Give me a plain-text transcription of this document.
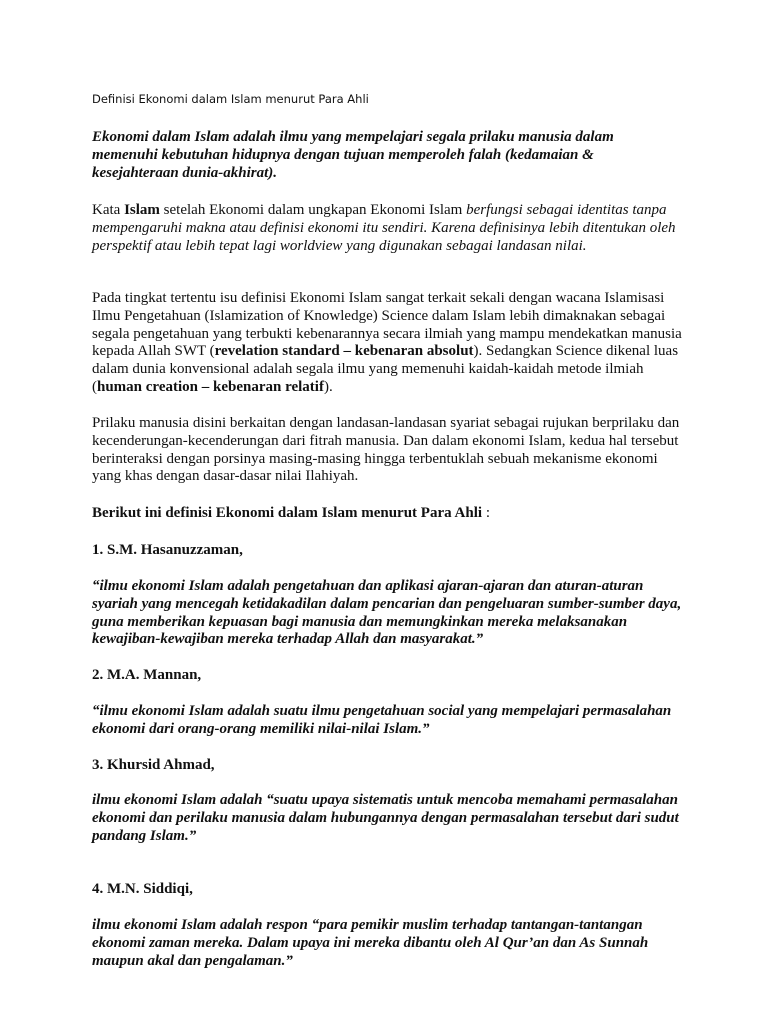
Definisi Ekonomi dalam Islam menurut Para Ahli

Ekonomi dalam Islam adalah ilmu yang mempelajari segala prilaku manusia dalam memenuhi kebutuhan hidupnya dengan tujuan memperoleh falah (kedamaian & kesejahteraan dunia-akhirat).

Kata Islam setelah Ekonomi dalam ungkapan Ekonomi Islam berfungsi sebagai identitas tanpa mempengaruhi makna atau definisi ekonomi itu sendiri. Karena definisinya lebih ditentukan oleh perspektif atau lebih tepat lagi worldview yang digunakan sebagai landasan nilai.

Pada tingkat tertentu isu definisi Ekonomi Islam sangat terkait sekali dengan wacana Islamisasi Ilmu Pengetahuan (Islamization of Knowledge) Science dalam Islam lebih dimaknakan sebagai segala pengetahuan yang terbukti kebenarannya secara ilmiah yang mampu mendekatkan manusia kepada Allah SWT (revelation standard – kebenaran absolut). Sedangkan Science dikenal luas dalam dunia konvensional adalah segala ilmu yang memenuhi kaidah-kaidah metode ilmiah (human creation – kebenaran relatif).

Prilaku manusia disini berkaitan dengan landasan-landasan syariat sebagai rujukan berprilaku dan kecenderungan-kecenderungan dari fitrah manusia. Dan dalam ekonomi Islam, kedua hal tersebut berinteraksi dengan porsinya masing-masing hingga terbentuklah sebuah mekanisme ekonomi yang khas dengan dasar-dasar nilai Ilahiyah.

Berikut ini definisi Ekonomi dalam Islam menurut Para Ahli :

1. S.M. Hasanuzzaman,

“ilmu ekonomi Islam adalah pengetahuan dan aplikasi ajaran-ajaran dan aturan-aturan syariah yang mencegah ketidakadilan dalam pencarian dan pengeluaran sumber-sumber daya, guna memberikan kepuasan bagi manusia dan memungkinkan mereka melaksanakan kewajiban-kewajiban mereka terhadap Allah dan masyarakat.”

2. M.A. Mannan,

“ilmu ekonomi Islam adalah suatu ilmu pengetahuan social yang mempelajari permasalahan ekonomi dari orang-orang memiliki nilai-nilai Islam.”

3. Khursid Ahmad,

ilmu ekonomi Islam adalah “suatu upaya sistematis untuk mencoba memahami permasalahan ekonomi dan perilaku manusia dalam hubungannya dengan permasalahan tersebut dari sudut pandang Islam.”

4. M.N. Siddiqi,

ilmu ekonomi Islam adalah respon “para pemikir muslim terhadap tantangan-tantangan ekonomi zaman mereka. Dalam upaya ini mereka dibantu oleh Al Qur’an dan As Sunnah maupun akal dan pengalaman.”
